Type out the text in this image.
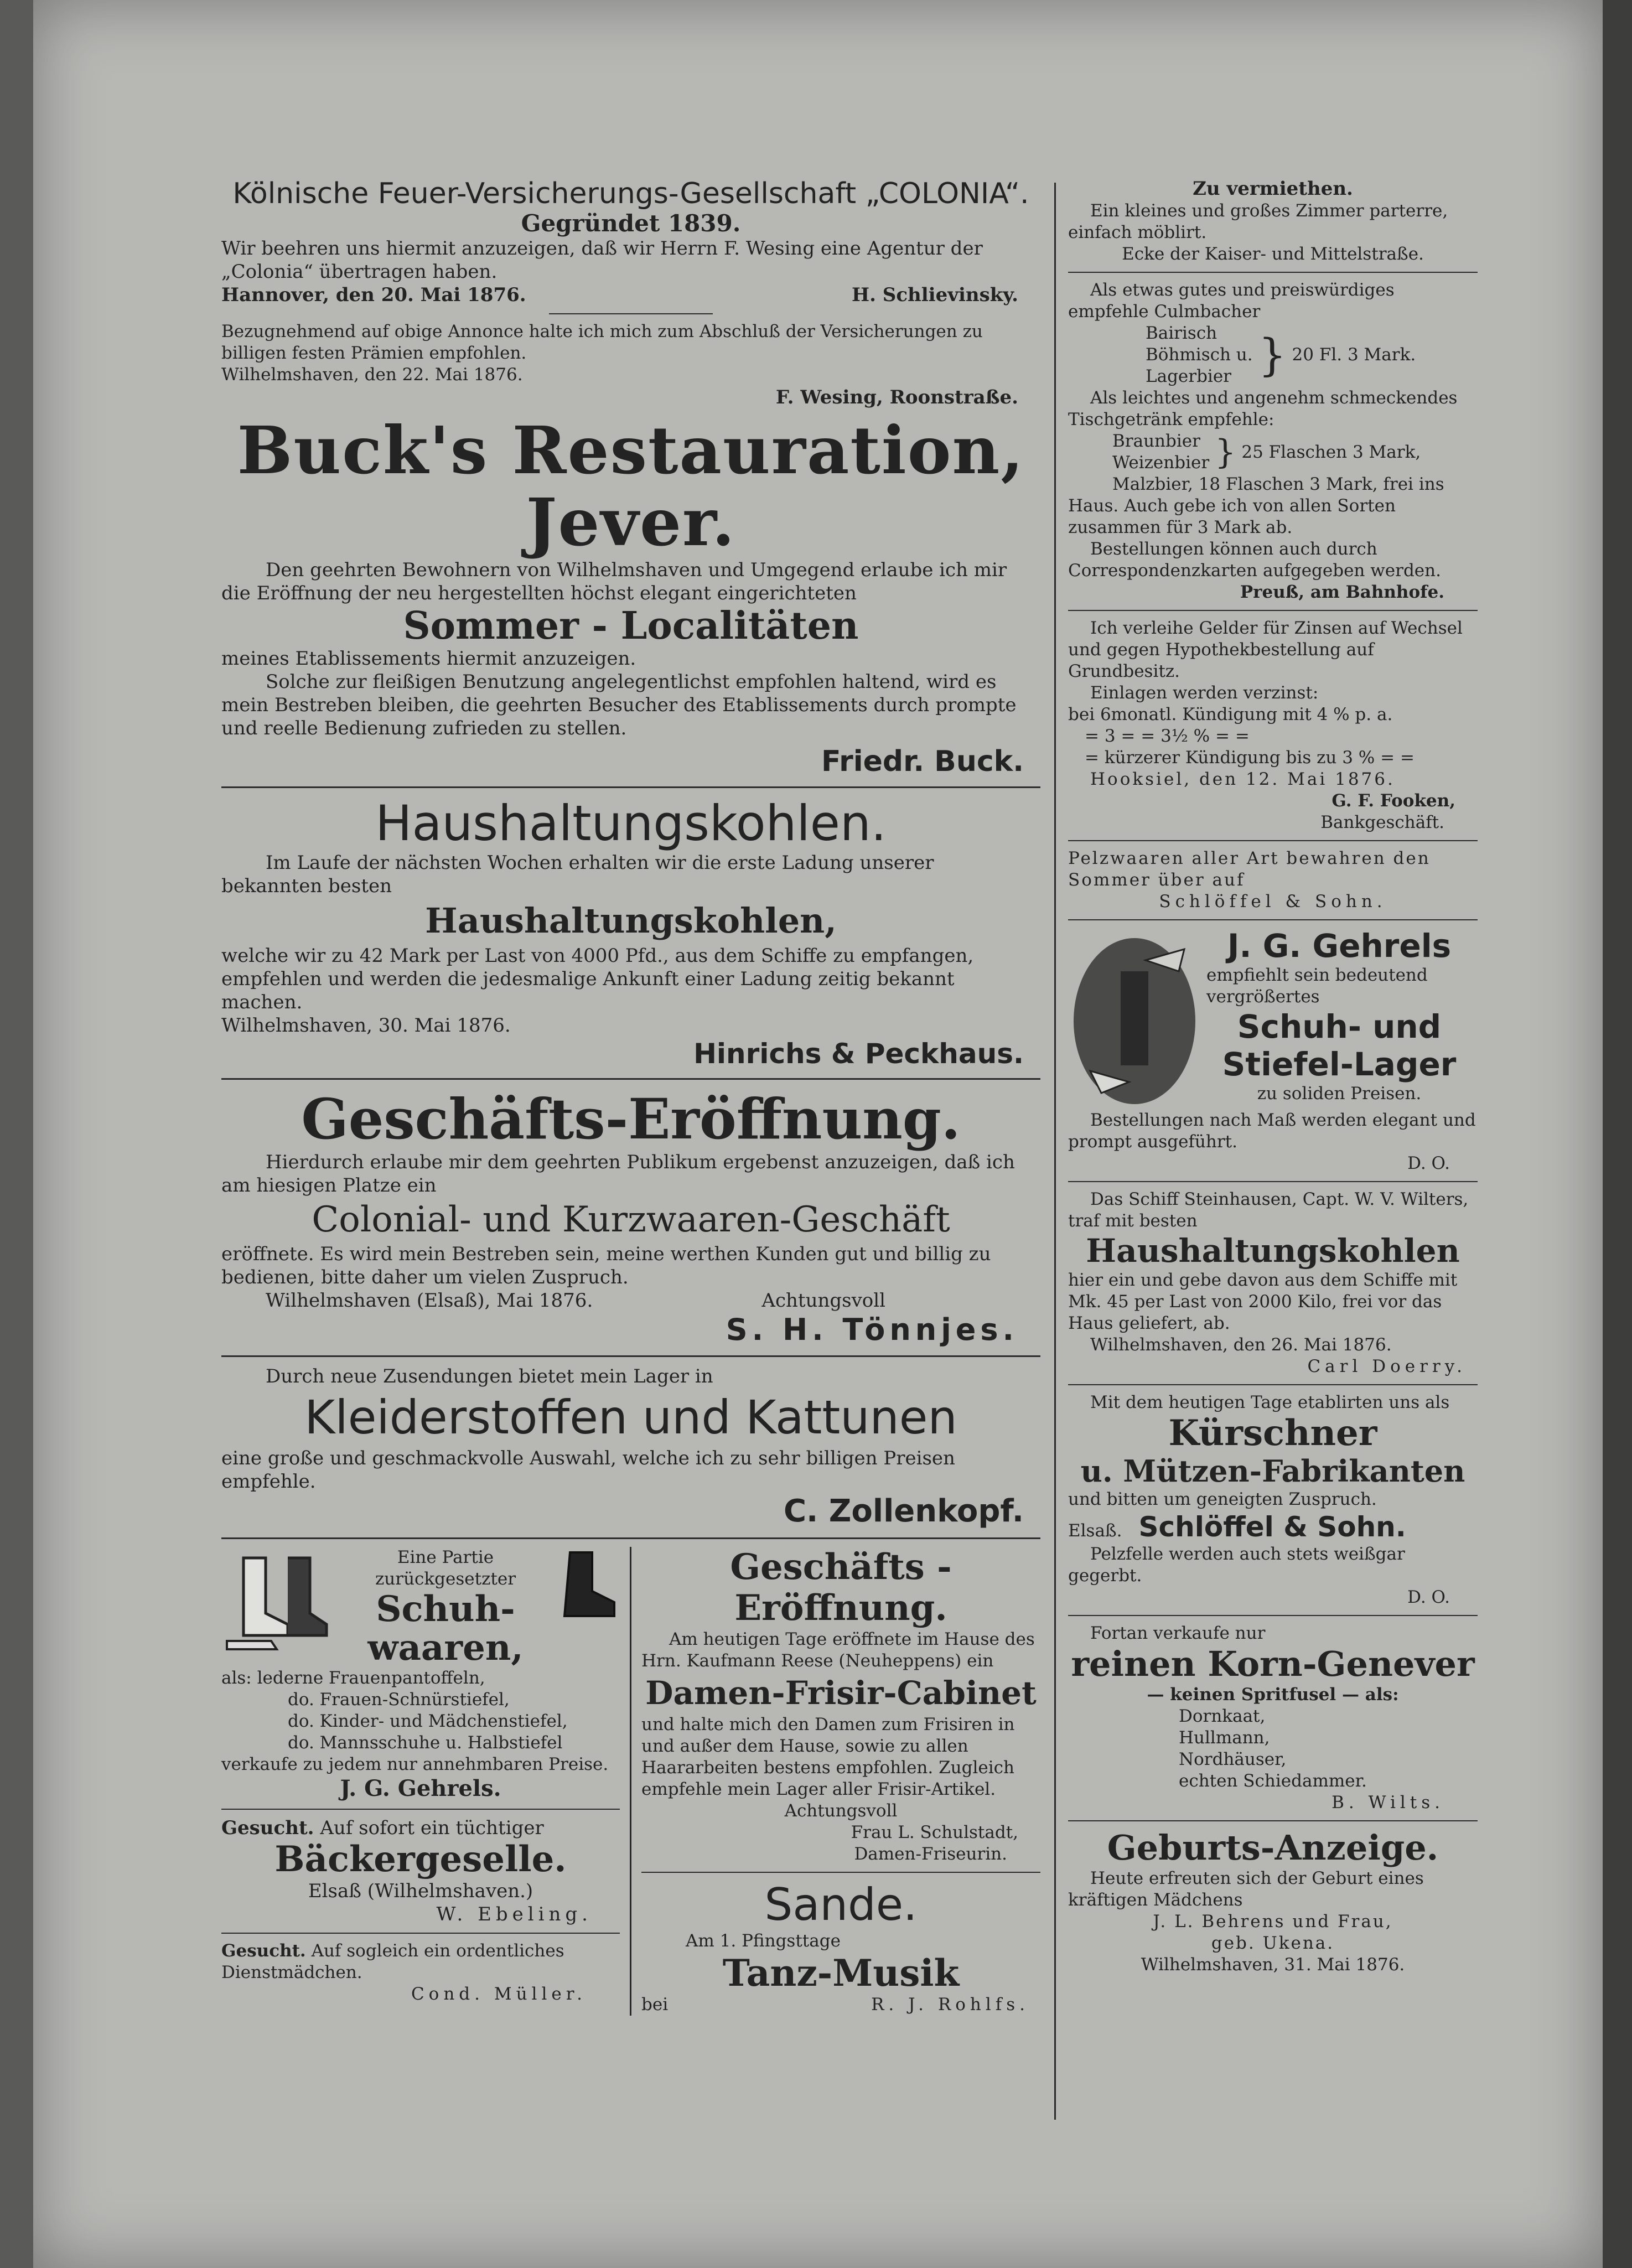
Kölnische Feuer-Versicherungs-Gesellschaft „COLONIA“.

Gegründet 1839.

Wir beehren uns hiermit anzuzeigen, daß wir Herrn F. Wesing eine Agentur der „Colonia“ übertragen haben.

Hannover, den 20. Mai 1876.	H. Schlievinsky.

Bezugnehmend auf obige Annonce halte ich mich zum Abschluß der Versicherungen zu billigen festen Prämien empfohlen.

Wilhelmshaven, den 22. Mai 1876.

F. Wesing, Roonstraße.

Buck's Restauration, Jever.

Den geehrten Bewohnern von Wilhelmshaven und Umgegend erlaube ich mir die Eröffnung der neu hergestellten höchst elegant eingerichteten

Sommer - Localitäten

meines Etablissements hiermit anzuzeigen.

Solche zur fleißigen Benutzung angelegentlichst empfohlen haltend, wird es mein Bestreben bleiben, die geehrten Besucher des Etablissements durch prompte und reelle Bedienung zufrieden zu stellen.

Friedr. Buck.

Haushaltungskohlen.

Im Laufe der nächsten Wochen erhalten wir die erste Ladung unserer bekannten besten

Haushaltungskohlen,

welche wir zu 42 Mark per Last von 4000 Pfd., aus dem Schiffe zu empfangen, empfehlen und werden die jedesmalige Ankunft einer Ladung zeitig bekannt machen.

Wilhelmshaven, 30. Mai 1876.

Hinrichs & Peckhaus.

Geschäfts-Eröffnung.

Hierdurch erlaube mir dem geehrten Publikum ergebenst anzuzeigen, daß ich am hiesigen Platze ein

Colonial- und Kurzwaaren-Geschäft

eröffnete. Es wird mein Bestreben sein, meine werthen Kunden gut und billig zu bedienen, bitte daher um vielen Zuspruch.

Wilhelmshaven (Elsaß), Mai 1876.	Achtungsvoll

S. H. Tönnjes.

Durch neue Zusendungen bietet mein Lager in

Kleiderstoffen und Kattunen

eine große und geschmackvolle Auswahl, welche ich zu sehr billigen Preisen empfehle.

C. Zollenkopf.

Eine Partie zurückgesetzter

Schuh-

waaren,

als: lederne Frauenpantoffeln,

do. Frauen-Schnürstiefel,

do. Kinder- und Mädchenstiefel,

do. Mannsschuhe u. Halbstiefel

verkaufe zu jedem nur annehmbaren Preise.

J. G. Gehrels.

Gesucht. Auf sofort ein tüchtiger

Bäckergeselle.

Elsaß (Wilhelmshaven.)

W. Ebeling.

Gesucht. Auf sogleich ein ordentliches Dienstmädchen.

Cond. Müller.

Geschäfts - Eröffnung.

Am heutigen Tage eröffnete im Hause des Hrn. Kaufmann Reese (Neuheppens) ein

Damen-Frisir-Cabinet

und halte mich den Damen zum Frisiren in und außer dem Hause, sowie zu allen Haararbeiten bestens empfohlen. Zugleich empfehle mein Lager aller Frisir-Artikel.

Achtungsvoll

Frau L. Schulstadt,

Damen-Friseurin.

Sande.

Am 1. Pfingsttage

Tanz-Musik

bei	R. J. Rohlfs.

Zu vermiethen.

Ein kleines und großes Zimmer parterre, einfach möblirt.

Ecke der Kaiser- und Mittelstraße.

Als etwas gutes und preiswürdiges empfehle Culmbacher

Bairisch

Böhmisch u.

Lagerbier } 20 Fl. 3 Mark.

Als leichtes und angenehm schmeckendes Tischgetränk empfehle:

Braunbier

Weizenbier } 25 Flaschen 3 Mark,

Malzbier, 18 Flaschen 3 Mark, frei ins Haus. Auch gebe ich von allen Sorten zusammen für 3 Mark ab.

Bestellungen können auch durch Correspondenzkarten aufgegeben werden.

Preuß, am Bahnhofe.

Ich verleihe Gelder für Zinsen auf Wechsel und gegen Hypothekbestellung auf Grundbesitz.

Einlagen werden verzinst:

bei 6monatl. Kündigung mit 4 % p. a.

= 3 = = 3½ % = =

= kürzerer Kündigung bis zu 3 % = =

Hooksiel, den 12. Mai 1876.

G. F. Fooken,

Bankgeschäft.

Pelzwaaren aller Art bewahren den Sommer über auf

Schlöffel & Sohn.

J. G. Gehrels

empfiehlt sein bedeutend vergrößertes

Schuh- und

Stiefel-Lager

zu soliden Preisen.

Bestellungen nach Maß werden elegant und prompt ausgeführt.

D. O.

Das Schiff Steinhausen, Capt. W. V. Wilters, traf mit besten

Haushaltungskohlen

hier ein und gebe davon aus dem Schiffe mit Mk. 45 per Last von 2000 Kilo, frei vor das Haus geliefert, ab.

Wilhelmshaven, den 26. Mai 1876.

Carl Doerry.

Mit dem heutigen Tage etablirten uns als

Kürschner

u. Mützen-Fabrikanten

und bitten um geneigten Zuspruch.

Elsaß. Schlöffel & Sohn.

Pelzfelle werden auch stets weißgar gegerbt.

D. O.

Fortan verkaufe nur

reinen Korn-Genever

— keinen Spritfusel — als:

Dornkaat,

Hullmann,

Nordhäuser,

echten Schiedammer.

B. Wilts.

Geburts-Anzeige.

Heute erfreuten sich der Geburt eines kräftigen Mädchens

J. L. Behrens und Frau,

geb. Ukena.

Wilhelmshaven, 31. Mai 1876.
